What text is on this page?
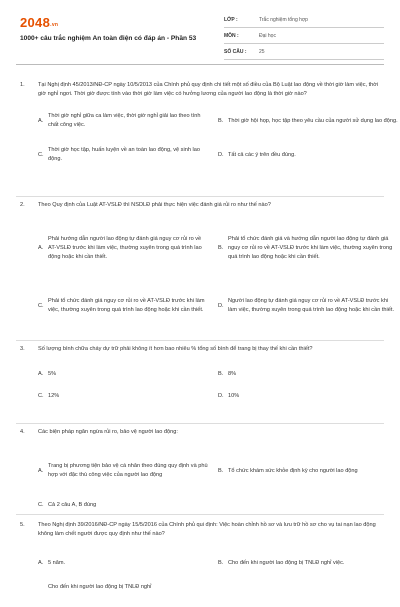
2048.vn
1000+ câu trắc nghiệm An toàn điện có đáp án - Phần 53
LỚP :	Trắc nghiệm tổng hợp
MÔN :	Đại học
SỐ CÂU :	25
1. Tại Nghị định 45/2013/NĐ-CP ngày 10/5/2013 của Chính phủ quy định chi tiết một số điều của Bộ Luật lao động về thời giờ làm việc, thời giờ nghỉ ngơi. Thời giờ được tính vào thời giờ làm việc có hưởng lương của người lao động là thời giờ nào?
A.
Thời giờ nghỉ giữa ca làm việc, thời giờ nghỉ giải lao theo tính chất công việc.
B. Thời giờ hội họp, học tập theo yêu cầu của người sử dụng lao động.
C.
Thời giờ học tập, huấn luyện về an toàn lao động, vệ sinh lao động.
D. Tất cả các ý trên đều đúng.
2. Theo Quy định của Luật AT-VSLĐ thì NSDLĐ phải thực hiện việc đánh giá rủi ro như thế nào?
A.
Phải hướng dẫn người lao động tự đánh giá nguy cơ rủi ro về AT-VSLĐ trước khi làm việc, thường xuyên trong quá trình lao động hoặc khi cần thiết.
B.
Phải tổ chức đánh giá và hướng dẫn người lao động tự đánh giá nguy cơ rủi ro về AT-VSLĐ trước khi làm việc, thường xuyên trong quá trình lao động hoặc khi cần thiết.
C.
Phải tổ chức đánh giá nguy cơ rủi ro về AT-VSLĐ trước khi làm việc, thường xuyên trong quá trình lao động hoặc khi cần thiết.
D.
Người lao động tự đánh giá nguy cơ rủi ro về AT-VSLĐ trước khi làm việc, thường xuyên trong quá trình lao động hoặc khi cần thiết.
3. Số lượng bình chữa cháy dự trữ phải không ít hơn bao nhiêu % tổng số bình để trang bị thay thế khi cần thiết?
A. 5%	B. 8%
C. 12%	D. 10%
4. Các biện pháp ngăn ngừa rủi ro, bảo vệ người lao động:
A.
Trang bị phương tiện bảo vệ cá nhân theo đúng quy định và phù hợp với đặc thù công việc của người lao động
B. Tổ chức khám sức khỏe định kỳ cho người lao động
C. Cả 2 câu A, B đúng
5. Theo Nghị định 39/2016/NĐ-CP ngày 15/5/2016 của Chính phủ qui định: Việc hoàn chỉnh hồ sơ và lưu trữ hồ sơ cho vụ tai nạn lao động không làm chết người được quy định như thế nào?
A. 5 năm.	B. Cho đến khi người lao động bị TNLĐ nghỉ việc.
Cho đến khi người lao động bị TNLĐ nghỉ
